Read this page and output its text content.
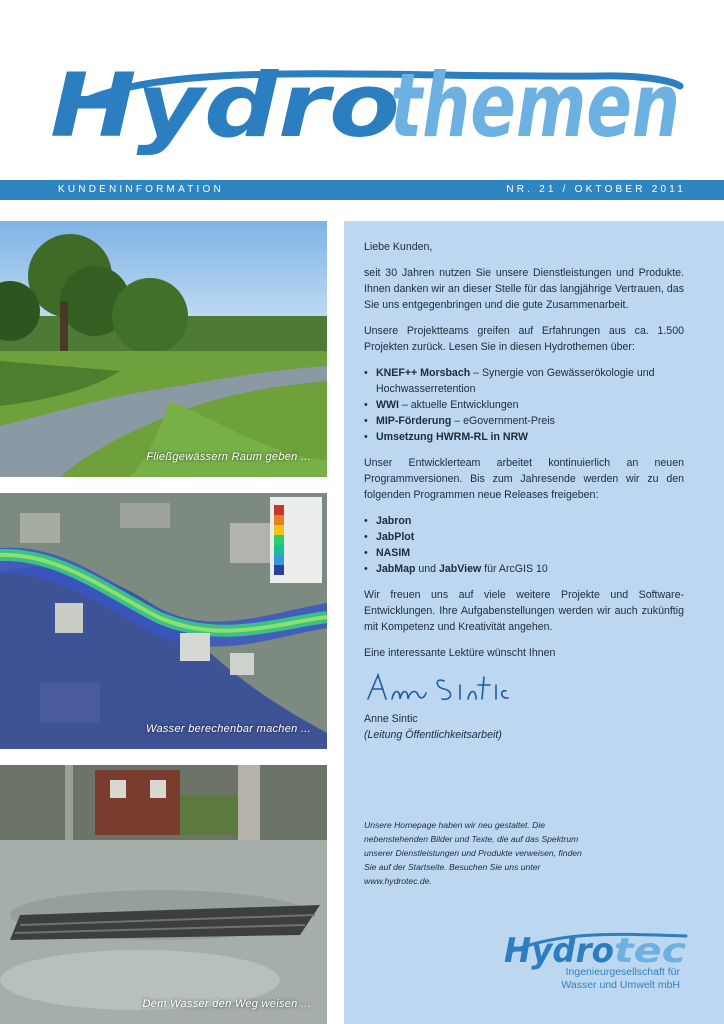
Hydro
themen
KUNDENINFORMATION	NR. 21 / OKTOBER 2011
Fließgewässern Raum geben ...
Wasser berechenbar machen ...
Dem Wasser den Weg weisen ...

Liebe Kunden,

seit 30 Jahren nutzen Sie unsere Dienstleistungen und Produkte. Ihnen danken wir an dieser Stelle für das langjährige Vertrauen, das Sie uns entgegenbringen und die gute Zusammenarbeit.

Unsere Projektteams greifen auf Erfahrungen aus ca. 1.500 Projekten zurück. Lesen Sie in diesen Hydrothemen über:

• KNEF++ Morsbach – Synergie von Gewässerökologie und Hochwasserretention
• WWI – aktuelle Entwicklungen
• MIP-Förderung – eGovernment-Preis
• Umsetzung HWRM-RL in NRW

Unser Entwicklerteam arbeitet kontinuierlich an neuen Programmversionen. Bis zum Jahresende werden wir zu den folgenden Programmen neue Releases freigeben:

• Jabron
• JabPlot
• NASIM
• JabMap und JabView für ArcGIS 10

Wir freuen uns auf viele weitere Projekte und Software-Entwicklungen. Ihre Aufgabenstellungen werden wir auch zukünftig mit Kompetenz und Kreativität angehen.

Eine interessante Lektüre wünscht Ihnen

Anne Sintic

(Leitung Öffentlichkeitsarbeit)

Unsere Homepage haben wir neu gestaltet. Die nebenstehenden Bilder und Texte, die auf das Spektrum unserer Dienstleistungen und Produkte verweisen, finden Sie auf der Startseite. Besuchen Sie uns unter www.hydrotec.de.
Hydro tec
Ingenieurgesellschaft für
Wasser und Umwelt mbH
